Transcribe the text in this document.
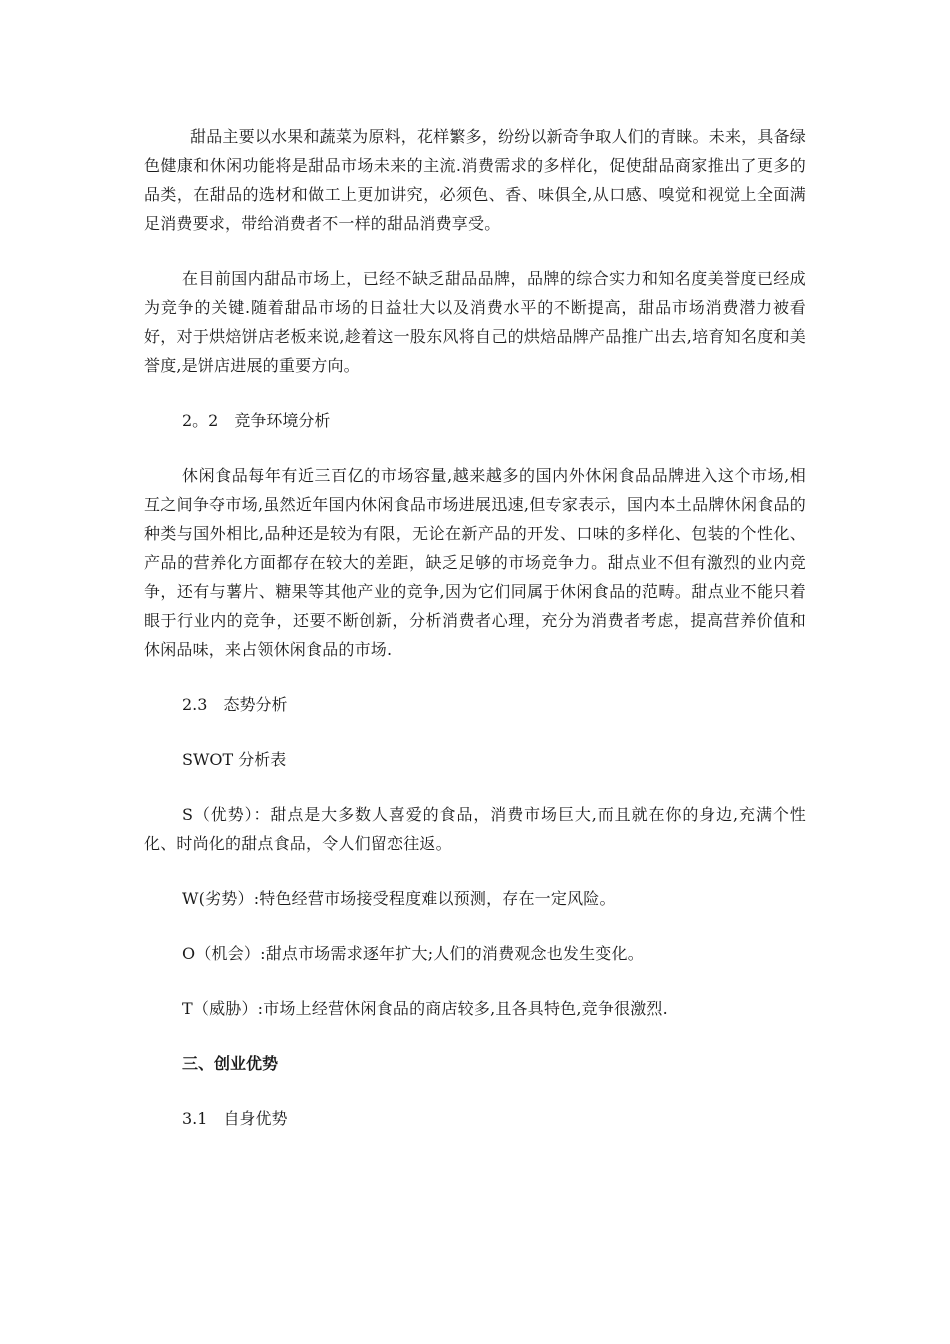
甜品主要以水果和蔬菜为原料，花样繁多，纷纷以新奇争取人们的青睐。未来，具备绿色健康和休闲功能将是甜品市场未来的主流.消费需求的多样化，促使甜品商家推出了更多的品类，在甜品的选材和做工上更加讲究，必须色、香、味俱全,从口感、嗅觉和视觉上全面满足消费要求，带给消费者不一样的甜品消费享受。

在目前国内甜品市场上，已经不缺乏甜品品牌，品牌的综合实力和知名度美誉度已经成为竞争的关键.随着甜品市场的日益壮大以及消费水平的不断提高，甜品市场消费潜力被看好，对于烘焙饼店老板来说,趁着这一股东风将自己的烘焙品牌产品推广出去,培育知名度和美誉度,是饼店进展的重要方向。

2。2　竞争环境分析

休闲食品每年有近三百亿的市场容量,越来越多的国内外休闲食品品牌进入这个市场,相互之间争夺市场,虽然近年国内休闲食品市场进展迅速,但专家表示，国内本土品牌休闲食品的种类与国外相比,品种还是较为有限，无论在新产品的开发、口味的多样化、包装的个性化、产品的营养化方面都存在较大的差距，缺乏足够的市场竞争力。甜点业不但有激烈的业内竞争，还有与薯片、糖果等其他产业的竞争,因为它们同属于休闲食品的范畴。甜点业不能只着眼于行业内的竞争，还要不断创新，分析消费者心理，充分为消费者考虑，提高营养价值和休闲品味，来占领休闲食品的市场.

2.3　态势分析
SWOT 分析表

S（优势）：甜点是大多数人喜爱的食品，消费市场巨大,而且就在你的身边,充满个性化、时尚化的甜点食品，令人们留恋往返。

W(劣势）:特色经营市场接受程度难以预测，存在一定风险。

O（机会）:甜点市场需求逐年扩大;人们的消费观念也发生变化。

T（威胁）:市场上经营休闲食品的商店较多,且各具特色,竞争很激烈.

三、创业优势
3.1　自身优势
